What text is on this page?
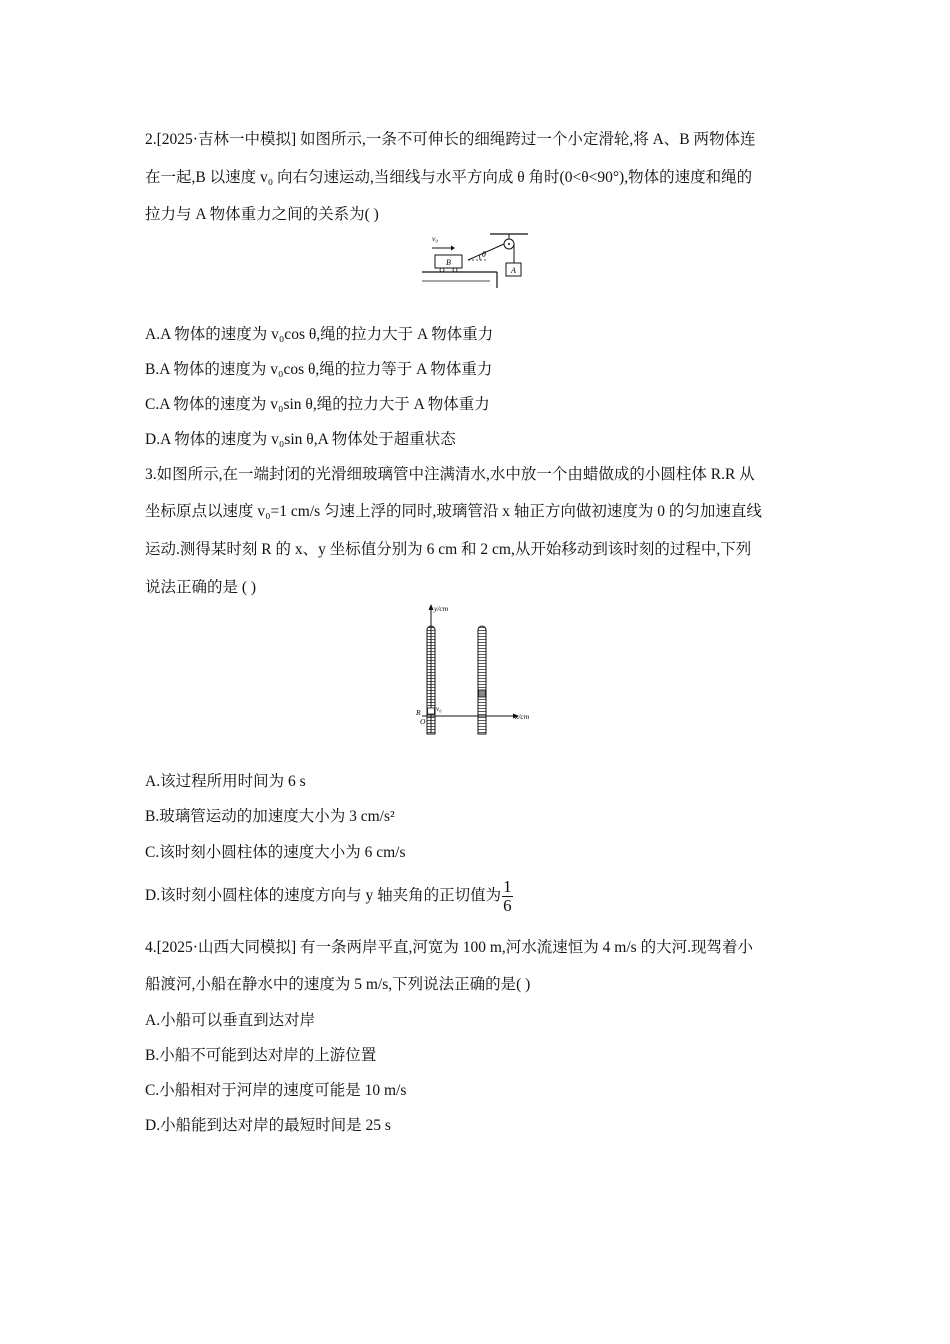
2.[2025·吉林一中模拟] 如图所示,一条不可伸长的细绳跨过一个小定滑轮,将 A、B 两物体连
在一起,B 以速度 v₀ 向右匀速运动,当细线与水平方向成 θ 角时(0<θ<90°),物体的速度和绳的
拉力与 A 物体重力之间的关系为( )
θ
B
v₀
A
A.A 物体的速度为 v₀cos θ,绳的拉力大于 A 物体重力
B.A 物体的速度为 v₀cos θ,绳的拉力等于 A 物体重力
C.A 物体的速度为 v₀sin θ,绳的拉力大于 A 物体重力
D.A 物体的速度为 v₀sin θ,A 物体处于超重状态
3.如图所示,在一端封闭的光滑细玻璃管中注满清水,水中放一个由蜡做成的小圆柱体 R.R 从
坐标原点以速度 v₀=1 cm/s 匀速上浮的同时,玻璃管沿 x 轴正方向做初速度为 0 的匀加速直线
运动.测得某时刻 R 的 x、y 坐标值分别为 6 cm 和 2 cm,从开始移动到该时刻的过程中,下列
说法正确的是 ( )
y/cm
x/cm
R
O
v₀
A.该过程所用时间为 6 s
B.玻璃管运动的加速度大小为 3 cm/s²
C.该时刻小圆柱体的速度大小为 6 cm/s
D.该时刻小圆柱体的速度方向与 y 轴夹角的正切值为 $\frac{1}{6}$
4.[2025·山西大同模拟] 有一条两岸平直,河宽为 100 m,河水流速恒为 4 m/s 的大河.现驾着小
船渡河,小船在静水中的速度为 5 m/s,下列说法正确的是( )
A.小船可以垂直到达对岸
B.小船不可能到达对岸的上游位置
C.小船相对于河岸的速度可能是 10 m/s
D.小船能到达对岸的最短时间是 25 s
